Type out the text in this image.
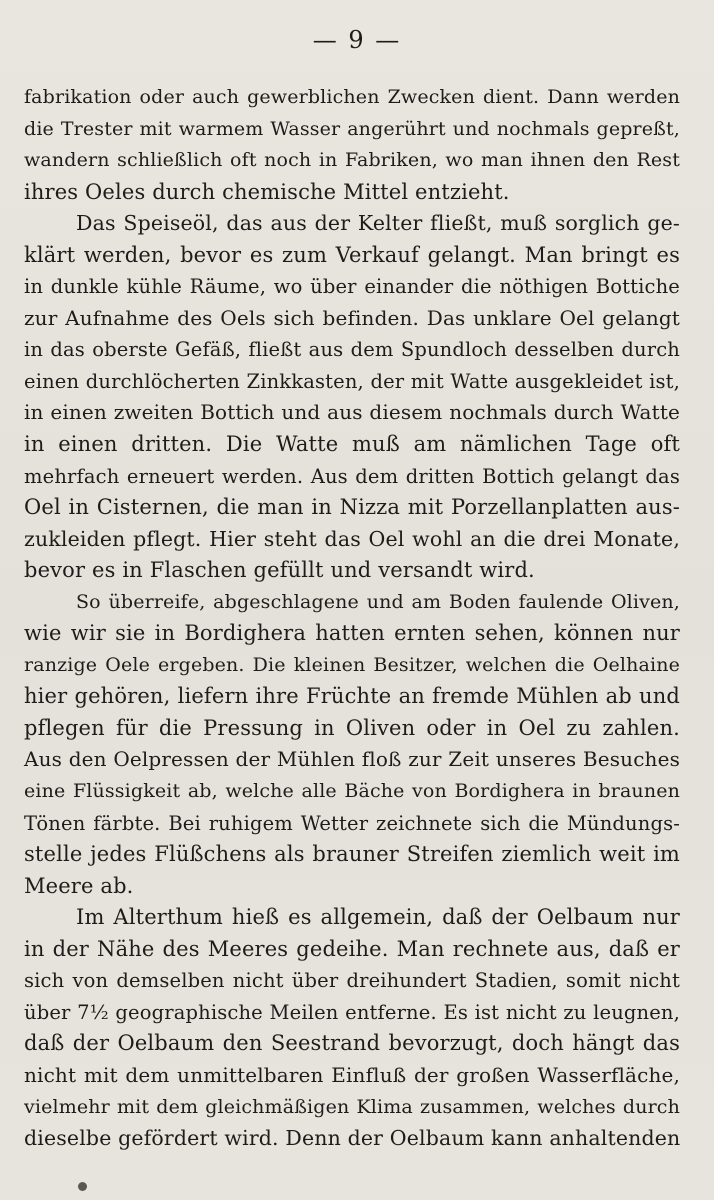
— 9 —
fabrikation oder auch gewerblichen Zwecken dient. Dann werden
die Trester mit warmem Wasser angerührt und nochmals gepreßt,
wandern schließlich oft noch in Fabriken, wo man ihnen den Rest
ihres Oeles durch chemische Mittel entzieht.
Das Speiseöl, das aus der Kelter fließt, muß sorglich ge-
klärt werden, bevor es zum Verkauf gelangt. Man bringt es
in dunkle kühle Räume, wo über einander die nöthigen Bottiche
zur Aufnahme des Oels sich befinden. Das unklare Oel gelangt
in das oberste Gefäß, fließt aus dem Spundloch desselben durch
einen durchlöcherten Zinkkasten, der mit Watte ausgekleidet ist,
in einen zweiten Bottich und aus diesem nochmals durch Watte
in einen dritten. Die Watte muß am nämlichen Tage oft
mehrfach erneuert werden. Aus dem dritten Bottich gelangt das
Oel in Cisternen, die man in Nizza mit Porzellanplatten aus-
zukleiden pflegt. Hier steht das Oel wohl an die drei Monate,
bevor es in Flaschen gefüllt und versandt wird.
So überreife, abgeschlagene und am Boden faulende Oliven,
wie wir sie in Bordighera hatten ernten sehen, können nur
ranzige Oele ergeben. Die kleinen Besitzer, welchen die Oelhaine
hier gehören, liefern ihre Früchte an fremde Mühlen ab und
pflegen für die Pressung in Oliven oder in Oel zu zahlen.
Aus den Oelpressen der Mühlen floß zur Zeit unseres Besuches
eine Flüssigkeit ab, welche alle Bäche von Bordighera in braunen
Tönen färbte. Bei ruhigem Wetter zeichnete sich die Mündungs-
stelle jedes Flüßchens als brauner Streifen ziemlich weit im
Meere ab.
Im Alterthum hieß es allgemein, daß der Oelbaum nur
in der Nähe des Meeres gedeihe. Man rechnete aus, daß er
sich von demselben nicht über dreihundert Stadien, somit nicht
über 7½ geographische Meilen entferne. Es ist nicht zu leugnen,
daß der Oelbaum den Seestrand bevorzugt, doch hängt das
nicht mit dem unmittelbaren Einfluß der großen Wasserfläche,
vielmehr mit dem gleichmäßigen Klima zusammen, welches durch
dieselbe gefördert wird. Denn der Oelbaum kann anhaltenden
